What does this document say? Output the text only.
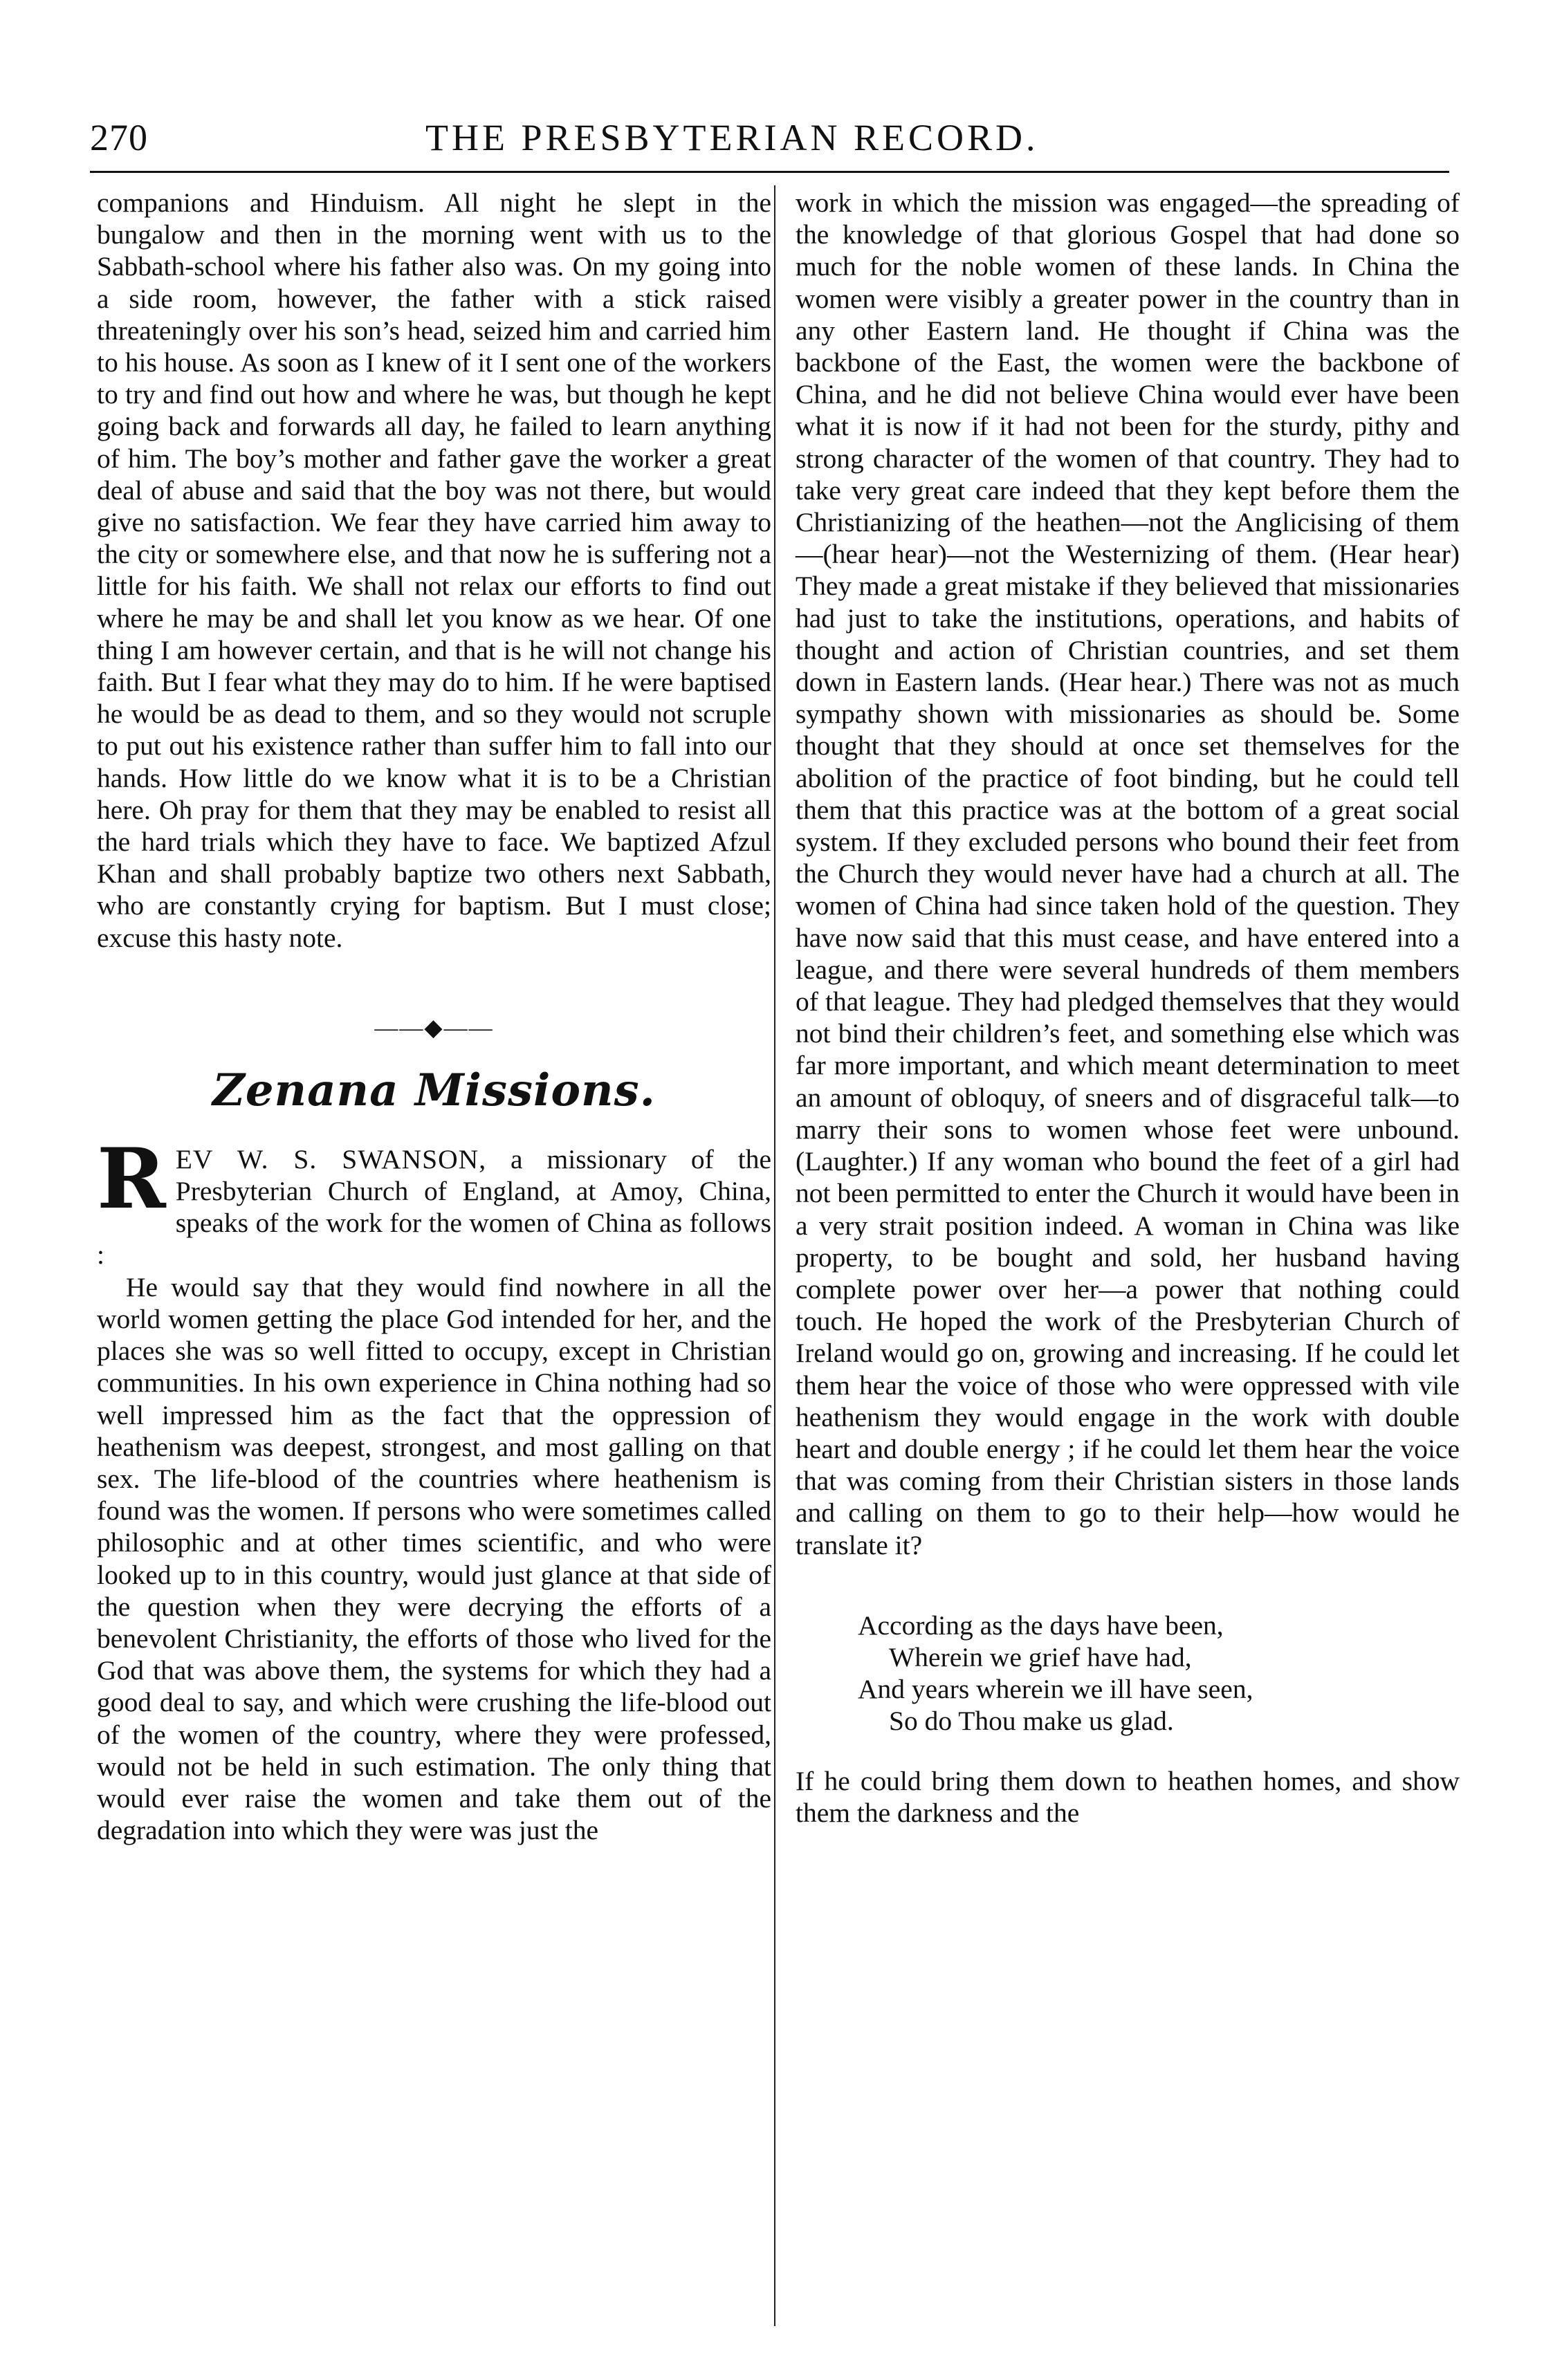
270	THE PRESBYTERIAN RECORD.

companions and Hinduism. All night he slept in the bungalow and then in the morning went with us to the Sabbath-school where his father also was. On my going into a side room, however, the father with a stick raised threateningly over his son’s head, seized him and carried him to his house. As soon as I knew of it I sent one of the workers to try and find out how and where he was, but though he kept going back and forwards all day, he failed to learn anything of him. The boy’s mother and father gave the worker a great deal of abuse and said that the boy was not there, but would give no satisfaction. We fear they have carried him away to the city or somewhere else, and that now he is suffering not a little for his faith. We shall not relax our efforts to find out where he may be and shall let you know as we hear. Of one thing I am however certain, and that is he will not change his faith. But I fear what they may do to him. If he were baptised he would be as dead to them, and so they would not scruple to put out his existence rather than suffer him to fall into our hands. How little do we know what it is to be a Christian here. Oh pray for them that they may be enabled to resist all the hard trials which they have to face. We baptized Afzul Khan and shall probably baptize two others next Sabbath, who are constantly crying for baptism. But I must close; excuse this hasty note.

——◆——
Zenana Missions.

REV W. S. SWANSON, a missionary of the Presbyterian Church of England, at Amoy, China, speaks of the work for the women of China as follows :

He would say that they would find nowhere in all the world women getting the place God intended for her, and the places she was so well fitted to occupy, except in Christian communities. In his own experience in China nothing had so well impressed him as the fact that the oppression of heathenism was deepest, strongest, and most galling on that sex. The life-blood of the countries where heathenism is found was the women. If persons who were sometimes called philosophic and at other times scientific, and who were looked up to in this country, would just glance at that side of the question when they were decrying the efforts of a benevolent Christianity, the efforts of those who lived for the God that was above them, the systems for which they had a good deal to say, and which were crushing the life-blood out of the women of the country, where they were professed, would not be held in such estimation. The only thing that would ever raise the women and take them out of the degradation into which they were was just the

work in which the mission was engaged—the spreading of the knowledge of that glorious Gospel that had done so much for the noble women of these lands. In China the women were visibly a greater power in the country than in any other Eastern land. He thought if China was the backbone of the East, the women were the backbone of China, and he did not believe China would ever have been what it is now if it had not been for the sturdy, pithy and strong character of the women of that country. They had to take very great care indeed that they kept before them the Christianizing of the heathen—not the Anglicising of them—(hear hear)—not the Westernizing of them. (Hear hear) They made a great mistake if they believed that missionaries had just to take the institutions, operations, and habits of thought and action of Christian countries, and set them down in Eastern lands. (Hear hear.) There was not as much sympathy shown with missionaries as should be. Some thought that they should at once set themselves for the abolition of the practice of foot binding, but he could tell them that this practice was at the bottom of a great social system. If they excluded persons who bound their feet from the Church they would never have had a church at all. The women of China had since taken hold of the question. They have now said that this must cease, and have entered into a league, and there were several hundreds of them members of that league. They had pledged themselves that they would not bind their children’s feet, and something else which was far more important, and which meant determination to meet an amount of obloquy, of sneers and of disgraceful talk—to marry their sons to women whose feet were unbound. (Laughter.) If any woman who bound the feet of a girl had not been permitted to enter the Church it would have been in a very strait position indeed. A woman in China was like property, to be bought and sold, her husband having complete power over her—a power that nothing could touch. He hoped the work of the Presbyterian Church of Ireland would go on, growing and increasing. If he could let them hear the voice of those who were oppressed with vile heathenism they would engage in the work with double heart and double energy ; if he could let them hear the voice that was coming from their Christian sisters in those lands and calling on them to go to their help—how would he translate it?

According as the days have been,
Wherein we grief have had,
And years wherein we ill have seen,
So do Thou make us glad.

If he could bring them down to heathen homes, and show them the darkness and the
